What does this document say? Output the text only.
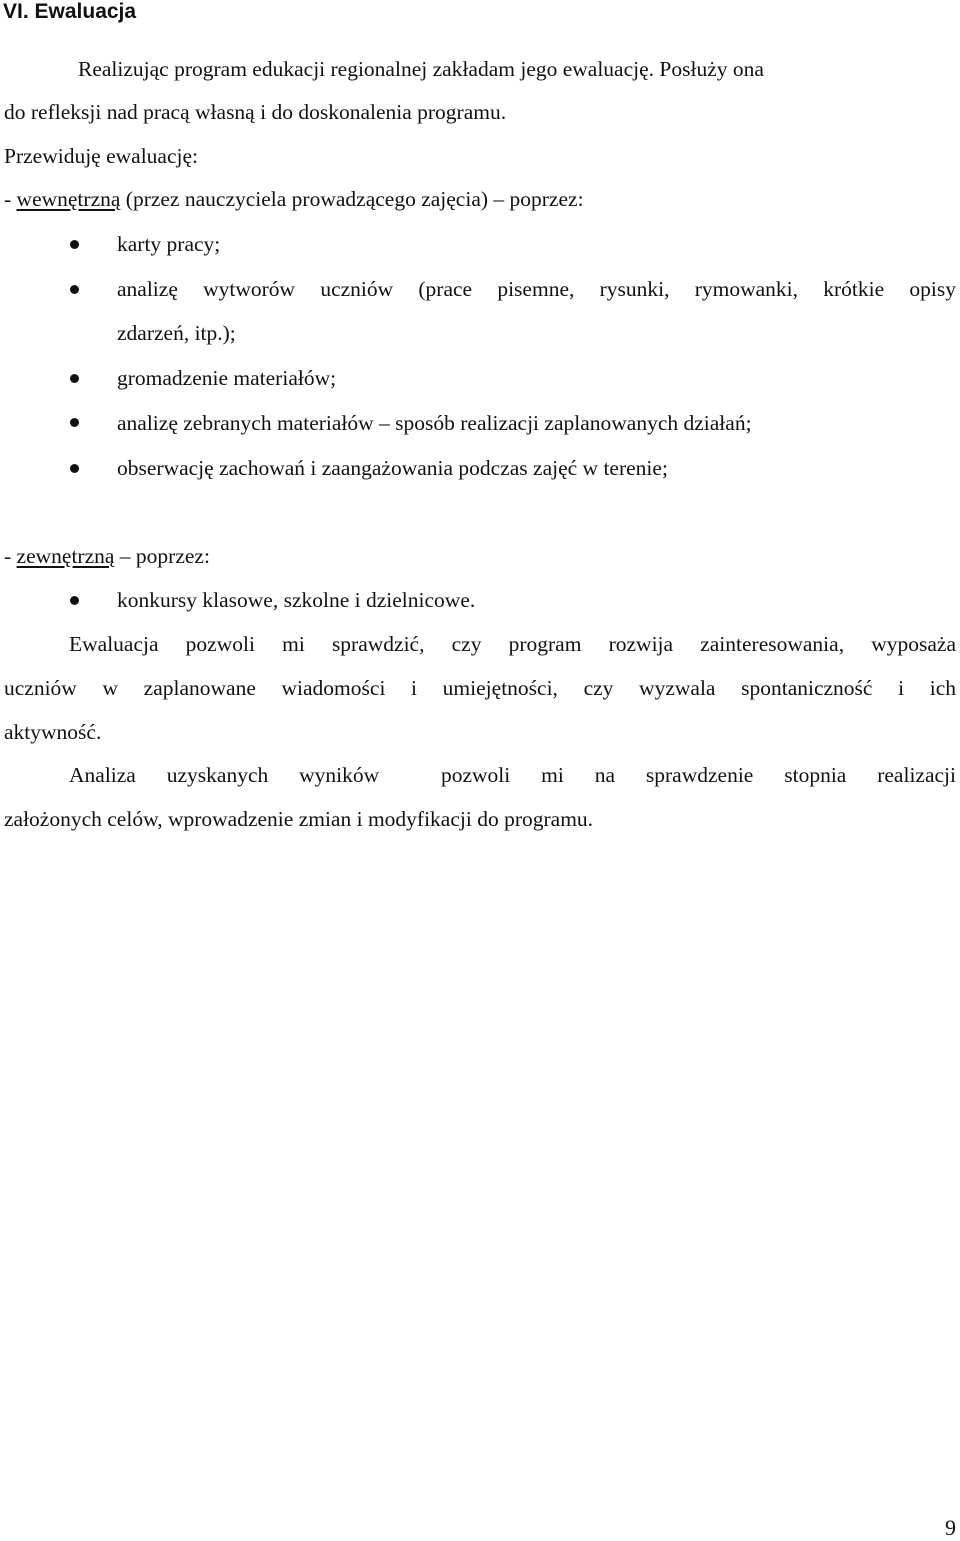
VI. Ewaluacja
Realizując program edukacji regionalnej zakładam jego ewaluację. Posłuży ona
do refleksji nad pracą własną i do doskonalenia programu.
Przewiduję ewaluację:
- wewnętrzną (przez nauczyciela prowadzącego zajęcia) – poprzez:
karty pracy;
analizę wytworów uczniów (prace pisemne, rysunki, rymowanki, krótkie opisy
zdarzeń, itp.);
gromadzenie materiałów;
analizę zebranych materiałów – sposób realizacji zaplanowanych działań;
obserwację zachowań i zaangażowania podczas zajęć w terenie;
- zewnętrzną – poprzez:
konkursy klasowe, szkolne i dzielnicowe.
Ewaluacja pozwoli mi sprawdzić, czy program rozwija zainteresowania, wyposaża
uczniów w zaplanowane wiadomości i umiejętności, czy wyzwala spontaniczność i ich
aktywność.
Analiza uzyskanych wyników  pozwoli mi na sprawdzenie stopnia realizacji
założonych celów, wprowadzenie zmian i modyfikacji do programu.
9
